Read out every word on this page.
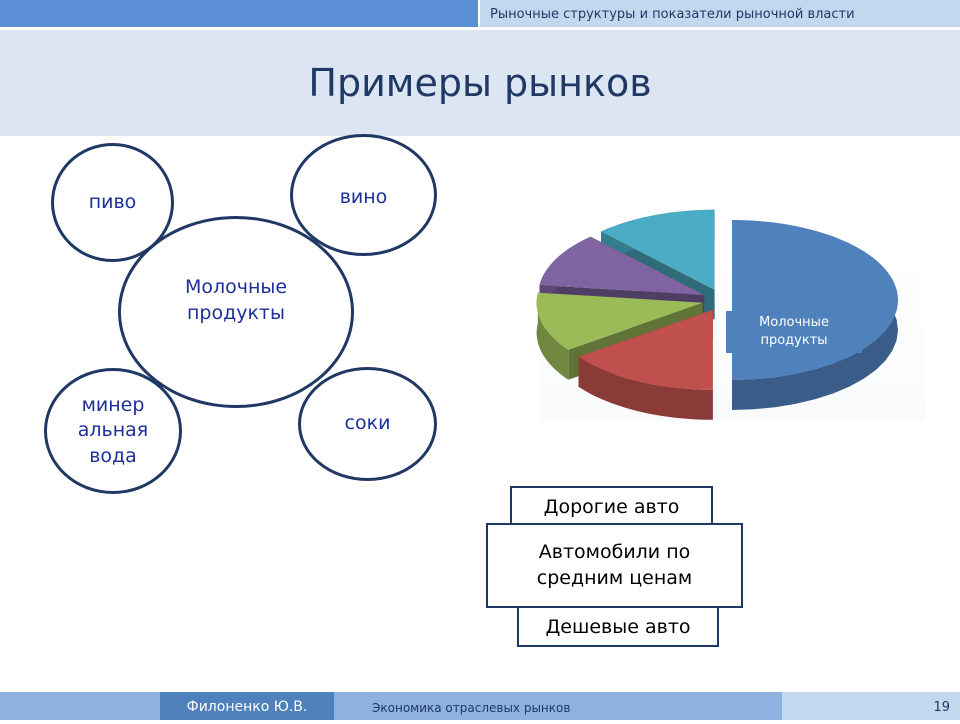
Рыночные структуры и показатели рыночной власти
Примеры рынков
пиво	вино
минер альная вода
соки
Молочные продукты	Молочные продукты
Дорогие авто
Дешевые авто
Автомобили по средним ценам
Филоненко Ю.В.	Экономика отраслевых рынков	19
